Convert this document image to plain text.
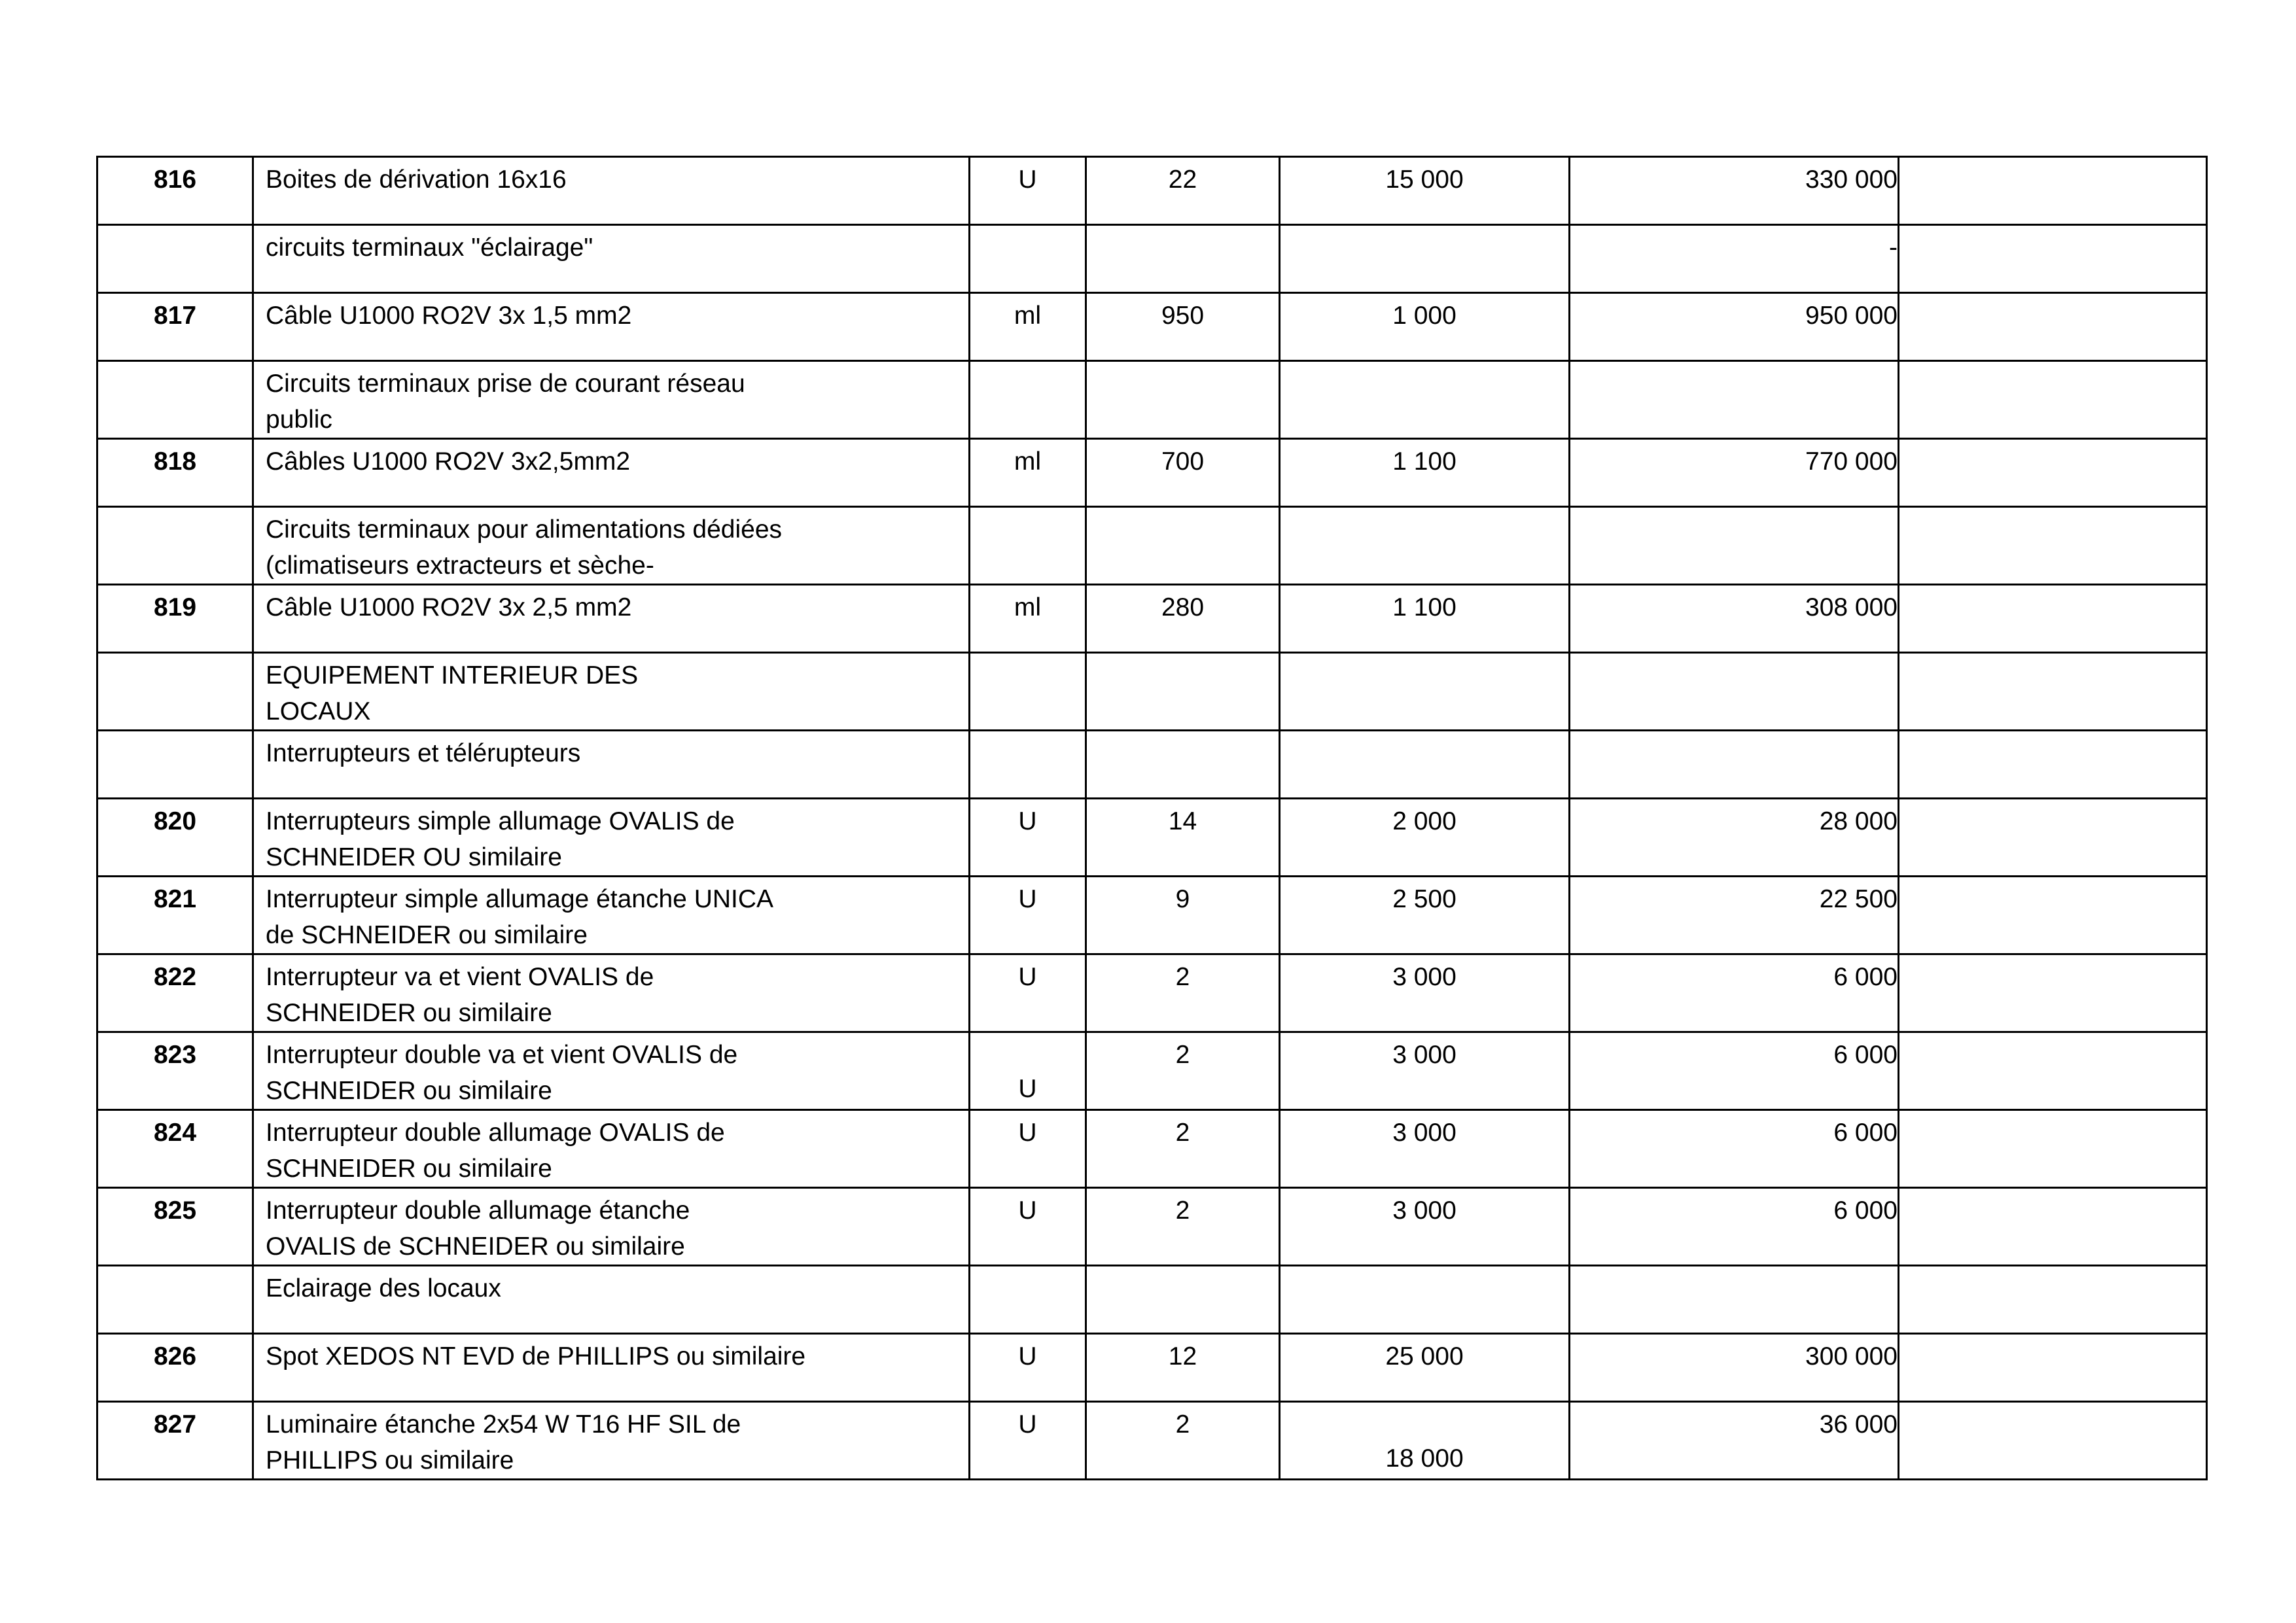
816	Boites de dérivation 16x16	U	22	15 000	330 000	
	circuits terminaux "éclairage"				-	
817	Câble U1000 RO2V 3x 1,5 mm2	ml	950	1 000	950 000	
	Circuits terminaux prise de courant réseau
public					
818	Câbles U1000 RO2V 3x2,5mm2	ml	700	1 100	770 000	
	Circuits terminaux pour alimentations dédiées
(climatiseurs extracteurs et sèche-					
819	Câble U1000 RO2V 3x 2,5 mm2	ml	280	1 100	308 000	
	EQUIPEMENT INTERIEUR DES
LOCAUX					
	Interrupteurs et télérupteurs					
820	Interrupteurs simple allumage OVALIS de
SCHNEIDER OU similaire	U	14	2 000	28 000	
821	Interrupteur simple allumage étanche UNICA
de SCHNEIDER ou similaire	U	9	2 500	22 500	
822	Interrupteur va et vient OVALIS de
SCHNEIDER ou similaire	U	2	3 000	6 000	
823	Interrupteur double va et vient OVALIS de
SCHNEIDER ou similaire	U	2	3 000	6 000	
824	Interrupteur double allumage OVALIS de
SCHNEIDER ou similaire	U	2	3 000	6 000	
825	Interrupteur double allumage étanche
OVALIS de SCHNEIDER ou similaire	U	2	3 000	6 000	
	Eclairage des locaux					
826	Spot XEDOS NT EVD de PHILLIPS ou similaire	U	12	25 000	300 000	
827	Luminaire étanche 2x54 W T16 HF SIL de
PHILLIPS ou similaire	U	2	18 000	36 000	
